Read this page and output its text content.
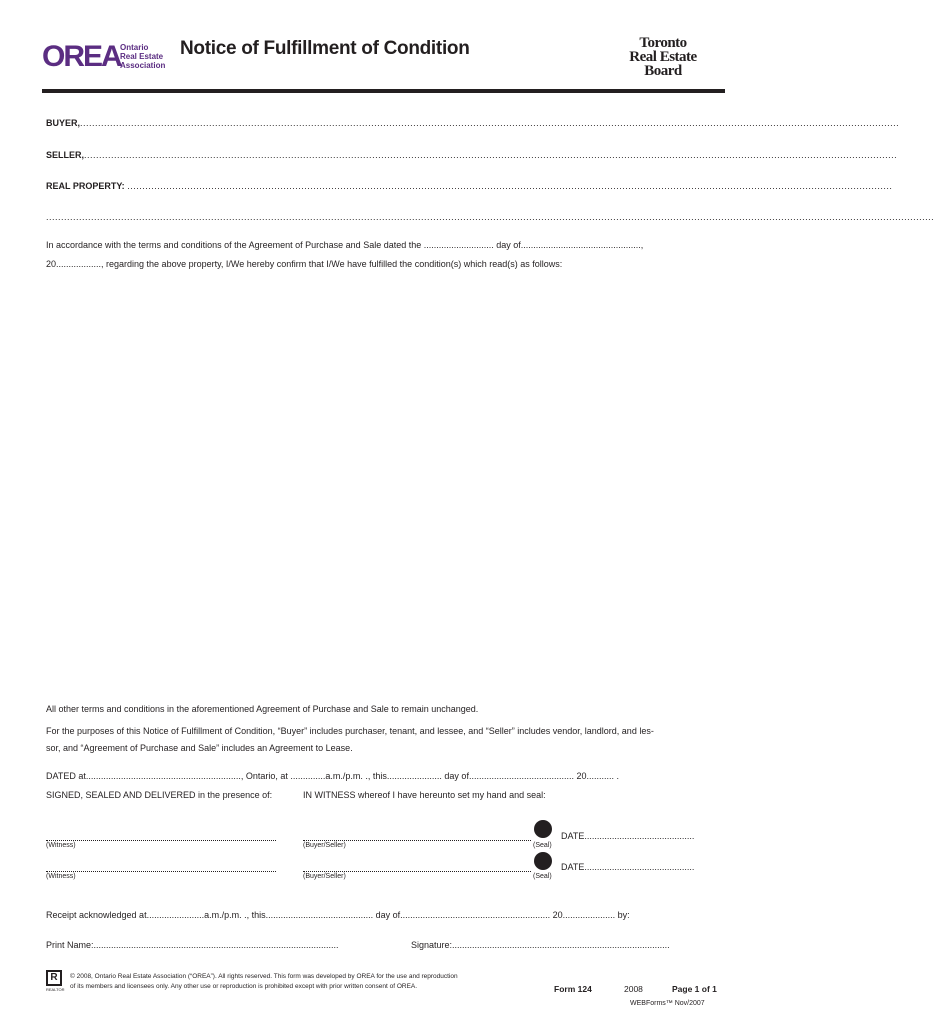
OREA Ontario
Real Estate
Association
Notice of Fulfillment of Condition	Toronto
Real Estate
Board
BUYER,.................................................................................................................................................................................................................................................................................
SELLER,...............................................................................................................................................................................................................................................................................
REAL PROPERTY: ...............................................................................................................................................................................................................................................................
........................................................................................................................................................................................................................................................................................................
In accordance with the terms and conditions of the Agreement of Purchase and Sale dated the ............................ day of................................................,
20.................., regarding the above property, I/We hereby confirm that I/We have fulfilled the condition(s) which read(s) as follows:
All other terms and conditions in the aforementioned Agreement of Purchase and Sale to remain unchanged.
For the purposes of this Notice of Fulfillment of Condition, “Buyer” includes purchaser, tenant, and lessee, and “Seller” includes vendor, landlord, and les-
sor, and “Agreement of Purchase and Sale” includes an Agreement to Lease.
DATED at.............................................................., Ontario, at ..............a.m./p.m. ., this...................... day of.......................................... 20........... .
SIGNED, SEALED AND DELIVERED in the presence of:	IN WITNESS whereof I have hereunto set my hand and seal:
(Witness)	(Buyer/Seller)	(Seal)
DATE............................................
(Witness)	(Buyer/Seller)	(Seal)
DATE............................................
Receipt acknowledged at.......................a.m./p.m. ., this........................................... day of............................................................ 20..................... by:
Print Name:..................................................................................................	Signature:.......................................................................................
R
REALTOR
© 2008, Ontario Real Estate Association (“OREA”). All rights reserved. This form was developed by OREA for the use and reproduction
of its members and licensees only. Any other use or reproduction is prohibited except with prior written consent of OREA.	Form 124	2008	Page 1 of 1
WEBForms™ Nov/2007
